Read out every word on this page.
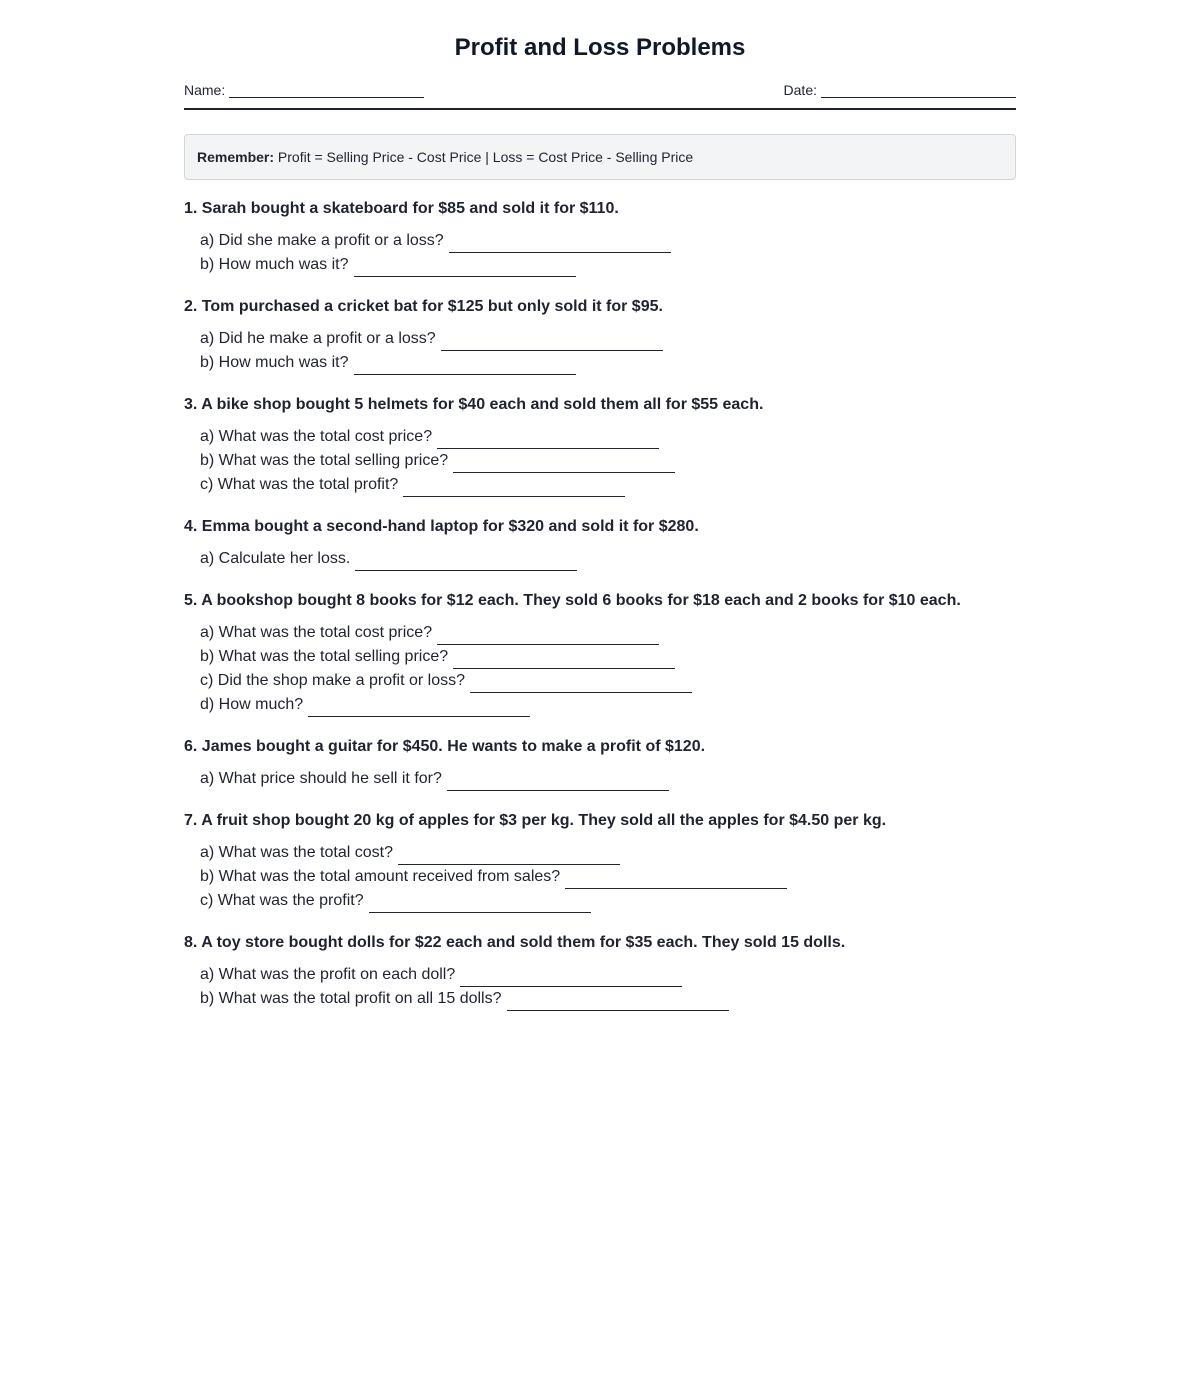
Profit and Loss Problems
Name:	Date:
Remember: Profit = Selling Price - Cost Price | Loss = Cost Price - Selling Price
1. Sarah bought a skateboard for $85 and sold it for $110.
a) Did she make a profit or a loss?
b) How much was it?
2. Tom purchased a cricket bat for $125 but only sold it for $95.
a) Did he make a profit or a loss?
b) How much was it?
3. A bike shop bought 5 helmets for $40 each and sold them all for $55 each.
a) What was the total cost price?
b) What was the total selling price?
c) What was the total profit?
4. Emma bought a second-hand laptop for $320 and sold it for $280.
a) Calculate her loss.
5. A bookshop bought 8 books for $12 each. They sold 6 books for $18 each and 2 books for $10 each.
a) What was the total cost price?
b) What was the total selling price?
c) Did the shop make a profit or loss?
d) How much?
6. James bought a guitar for $450. He wants to make a profit of $120.
a) What price should he sell it for?
7. A fruit shop bought 20 kg of apples for $3 per kg. They sold all the apples for $4.50 per kg.
a) What was the total cost?
b) What was the total amount received from sales?
c) What was the profit?
8. A toy store bought dolls for $22 each and sold them for $35 each. They sold 15 dolls.
a) What was the profit on each doll?
b) What was the total profit on all 15 dolls?
